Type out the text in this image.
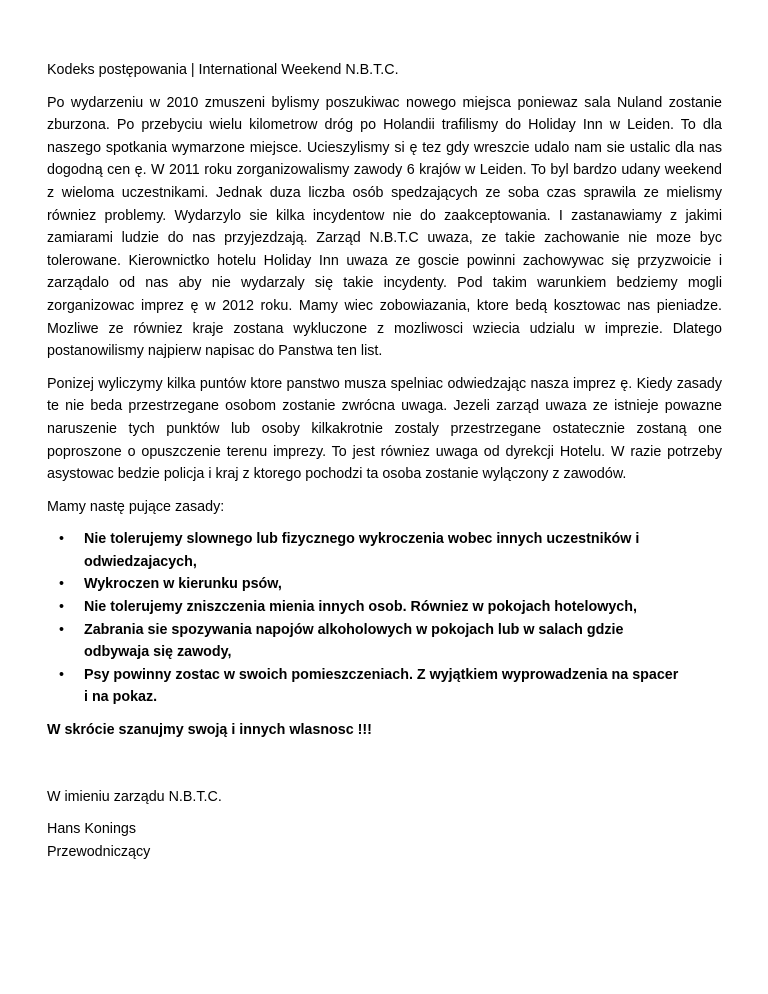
Kodeks postępowania | International Weekend N.B.T.C.

Po wydarzeniu w 2010 zmuszeni bylismy poszukiwac nowego miejsca poniewaz sala Nuland zostanie zburzona. Po przebyciu wielu kilometrow dróg po Holandii trafilismy do Holiday Inn w Leiden. To dla naszego spotkania wymarzone miejsce. Ucieszylismy si ę tez gdy wreszcie udalo nam sie ustalic dla nas dogodną cen ę. W 2011 roku zorganizowalismy zawody 6 krajów w Leiden. To byl bardzo udany weekend z wieloma uczestnikami. Jednak duza liczba osób spedzających ze soba czas sprawila ze mielismy równiez problemy. Wydarzylo sie kilka incydentow nie do zaakceptowania. I zastanawiamy z jakimi zamiarami ludzie do nas przyjezdzają. Zarząd N.B.T.C uwaza, ze takie zachowanie nie moze byc tolerowane. Kierownictko hotelu Holiday Inn uwaza ze goscie powinni zachowywac się przyzwoicie i zarządalo od nas aby nie wydarzaly się takie incydenty. Pod takim warunkiem bedziemy mogli zorganizowac imprez ę w 2012 roku. Mamy wiec zobowiazania, ktore bedą kosztowac nas pieniadze. Mozliwe ze równiez kraje zostana wykluczone z mozliwosci wziecia udzialu w imprezie. Dlatego postanowilismy najpierw napisac do Panstwa ten list.

Ponizej wyliczymy kilka puntów ktore panstwo musza spelniac odwiedzając nasza imprez ę. Kiedy zasady te nie beda przestrzegane osobom zostanie zwrócna uwaga. Jezeli zarząd uwaza ze istnieje powazne naruszenie tych punktów lub osoby kilkakrotnie zostaly przestrzegane ostatecznie zostaną one poproszone o opuszczenie terenu imprezy. To jest równiez uwaga od dyrekcji Hotelu. W razie potrzeby asystowac bedzie policja i kraj z ktorego pochodzi ta osoba zostanie wylączony z zawodów.

Mamy nastę pujące zasady:

• Nie tolerujemy slownego lub fizycznego wykroczenia wobec innych uczestników i odwiedzajacych,
• Wykroczen w kierunku psów,
• Nie tolerujemy zniszczenia mienia innych osob. Równiez w pokojach hotelowych,
• Zabrania sie spozywania napojów alkoholowych w pokojach lub w salach gdzie odbywaja się zawody,
• Psy powinny zostac w swoich pomieszczeniach. Z wyjątkiem wyprowadzenia na spacer i na pokaz.

W skrócie szanujmy swoją i innych wlasnosc !!!

W imieniu zarządu N.B.T.C.

Hans Konings

Przewodniczący
